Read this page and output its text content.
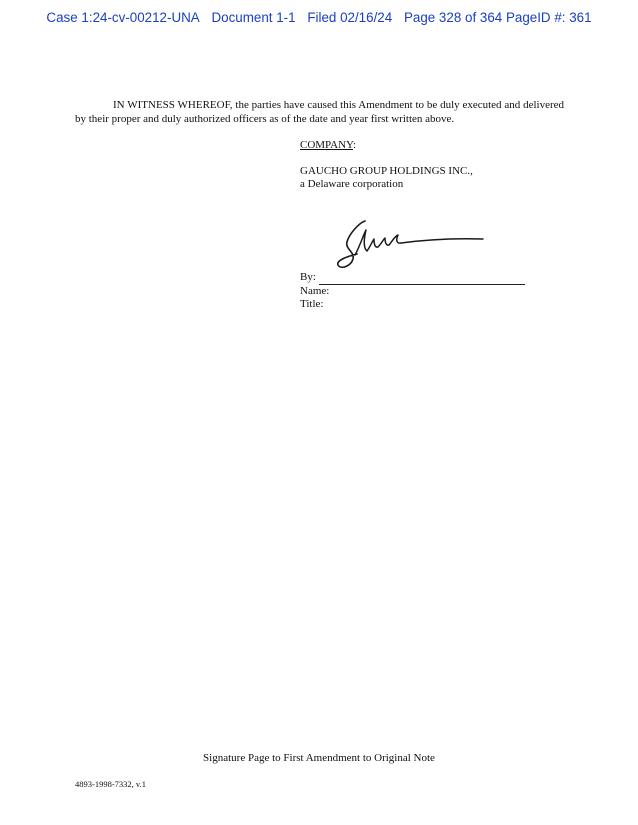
Case 1:24-cv-00212-UNA Document 1-1 Filed 02/16/24 Page 328 of 364 PageID #: 361

IN WITNESS WHEREOF, the parties have caused this Amendment to be duly executed and delivered by their proper and duly authorized officers as of the date and year first written above.

COMPANY:
GAUCHO GROUP HOLDINGS INC.,
a Delaware corporation
By:
Name:
Title:
Signature Page to First Amendment to Original Note
4893-1998-7332, v.1
